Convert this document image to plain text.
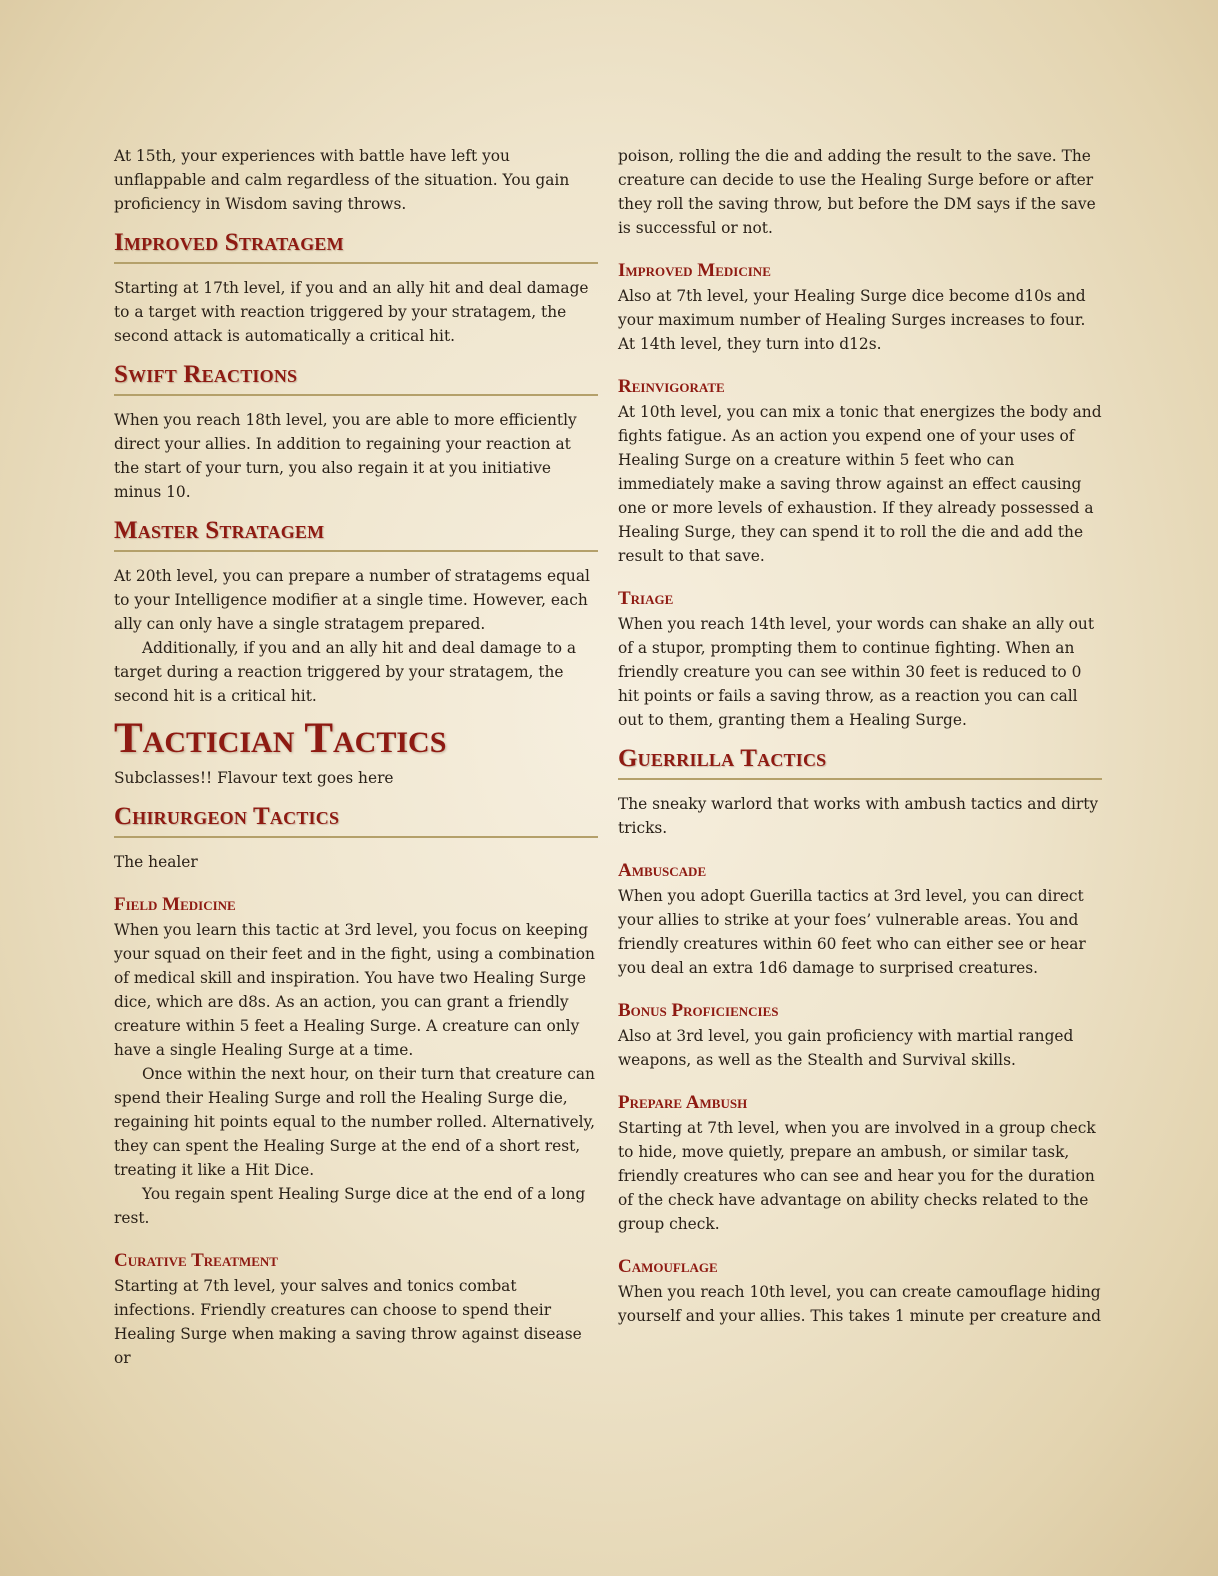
At 15th, your experiences with battle have left you unflappable and calm regardless of the situation. You gain proficiency in Wisdom saving throws.

Improved Stratagem

Starting at 17th level, if you and an ally hit and deal damage to a target with reaction triggered by your stratagem, the second attack is automatically a critical hit.

Swift Reactions

When you reach 18th level, you are able to more efficiently direct your allies. In addition to regaining your reaction at the start of your turn, you also regain it at you initiative minus 10.

Master Stratagem

At 20th level, you can prepare a number of stratagems equal to your Intelligence modifier at a single time. However, each ally can only have a single stratagem prepared.

Additionally, if you and an ally hit and deal damage to a target during a reaction triggered by your stratagem, the second hit is a critical hit.

Tactician Tactics

Subclasses!! Flavour text goes here

Chirurgeon Tactics

The healer

Field Medicine

When you learn this tactic at 3rd level, you focus on keeping your squad on their feet and in the fight, using a combination of medical skill and inspiration. You have two Healing Surge dice, which are d8s. As an action, you can grant a friendly creature within 5 feet a Healing Surge. A creature can only have a single Healing Surge at a time.

Once within the next hour, on their turn that creature can spend their Healing Surge and roll the Healing Surge die, regaining hit points equal to the number rolled. Alternatively, they can spent the Healing Surge at the end of a short rest, treating it like a Hit Dice.

You regain spent Healing Surge dice at the end of a long rest.

Curative Treatment

Starting at 7th level, your salves and tonics combat infections. Friendly creatures can choose to spend their Healing Surge when making a saving throw against disease or

poison, rolling the die and adding the result to the save. The creature can decide to use the Healing Surge before or after they roll the saving throw, but before the DM says if the save is successful or not.

Improved Medicine

Also at 7th level, your Healing Surge dice become d10s and your maximum number of Healing Surges increases to four. At 14th level, they turn into d12s.

Reinvigorate

At 10th level, you can mix a tonic that energizes the body and fights fatigue. As an action you expend one of your uses of Healing Surge on a creature within 5 feet who can immediately make a saving throw against an effect causing one or more levels of exhaustion. If they already possessed a Healing Surge, they can spend it to roll the die and add the result to that save.

Triage

When you reach 14th level, your words can shake an ally out of a stupor, prompting them to continue fighting. When an friendly creature you can see within 30 feet is reduced to 0 hit points or fails a saving throw, as a reaction you can call out to them, granting them a Healing Surge.

Guerrilla Tactics

The sneaky warlord that works with ambush tactics and dirty tricks.

Ambuscade

When you adopt Guerilla tactics at 3rd level, you can direct your allies to strike at your foes’ vulnerable areas. You and friendly creatures within 60 feet who can either see or hear you deal an extra 1d6 damage to surprised creatures.

Bonus Proficiencies

Also at 3rd level, you gain proficiency with martial ranged weapons, as well as the Stealth and Survival skills.

Prepare Ambush

Starting at 7th level, when you are involved in a group check to hide, move quietly, prepare an ambush, or similar task, friendly creatures who can see and hear you for the duration of the check have advantage on ability checks related to the group check.

Camouflage

When you reach 10th level, you can create camouflage hiding yourself and your allies. This takes 1 minute per creature and
